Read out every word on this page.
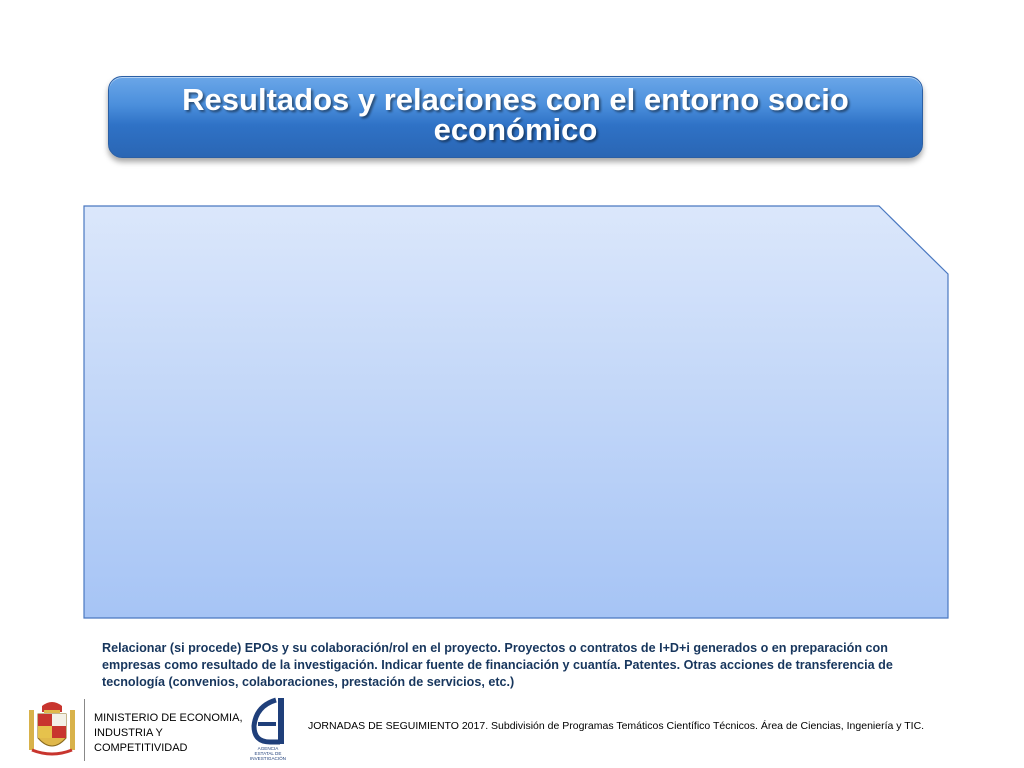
Resultados y relaciones con el entorno socio económico
Relacionar (si procede) EPOs y su colaboración/rol en el proyecto. Proyectos o contratos de I+D+i generados o en preparación con empresas como resultado de la investigación. Indicar fuente de financiación y cuantía. Patentes. Otras acciones de transferencia de tecnología (convenios, colaboraciones, prestación de servicios, etc.)
MINISTERIO DE ECONOMIA,
INDUSTRIA Y
COMPETITIVIDAD	AGENCIA
ESTATAL DE
INVESTIGACIÓN
JORNADAS DE SEGUIMIENTO 2017. Subdivisión de Programas Temáticos Científico Técnicos. Área de Ciencias, Ingeniería y TIC.
